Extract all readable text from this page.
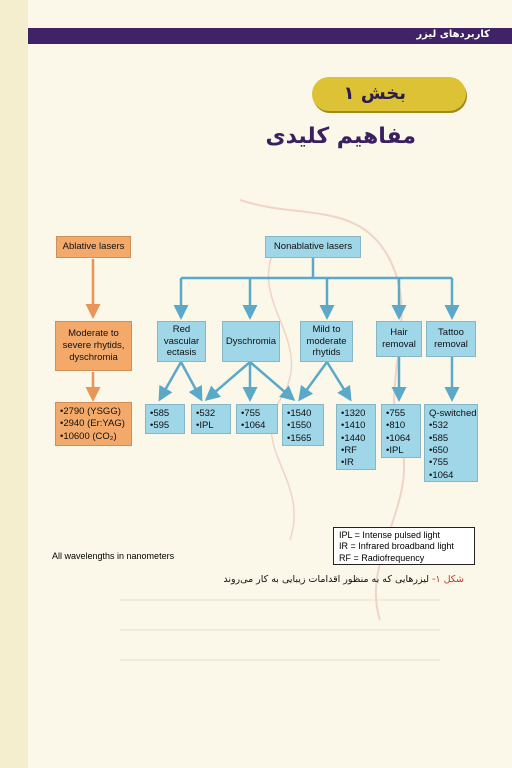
کاربردهای لیزر
بخش ۱
مفاهیم کلیدی
Ablative lasers
Moderate to
severe rhytids,
dyschromia
•2790 (YSGG)
•2940 (Er:YAG)
•10600 (CO₂)
Nonablative lasers
Red
vascular
ectasis
Dyschromia
Mild to
moderate
rhytids
Hair
removal
Tattoo
removal
•585
•595
•532
•IPL
•755
•1064
•1540
•1550
•1565
•1320
•1410
•1440
•RF
•IR
•755
•810
•1064
•IPL
Q-switched
•532
•585
•650
•755
•1064
IPL = Intense pulsed light
IR = Infrared broadband light
RF = Radiofrequency
All wavelengths in nanometers
شکل ۱- لیزرهایی که به منظور اقدامات زیبایی به کار می‌روند
